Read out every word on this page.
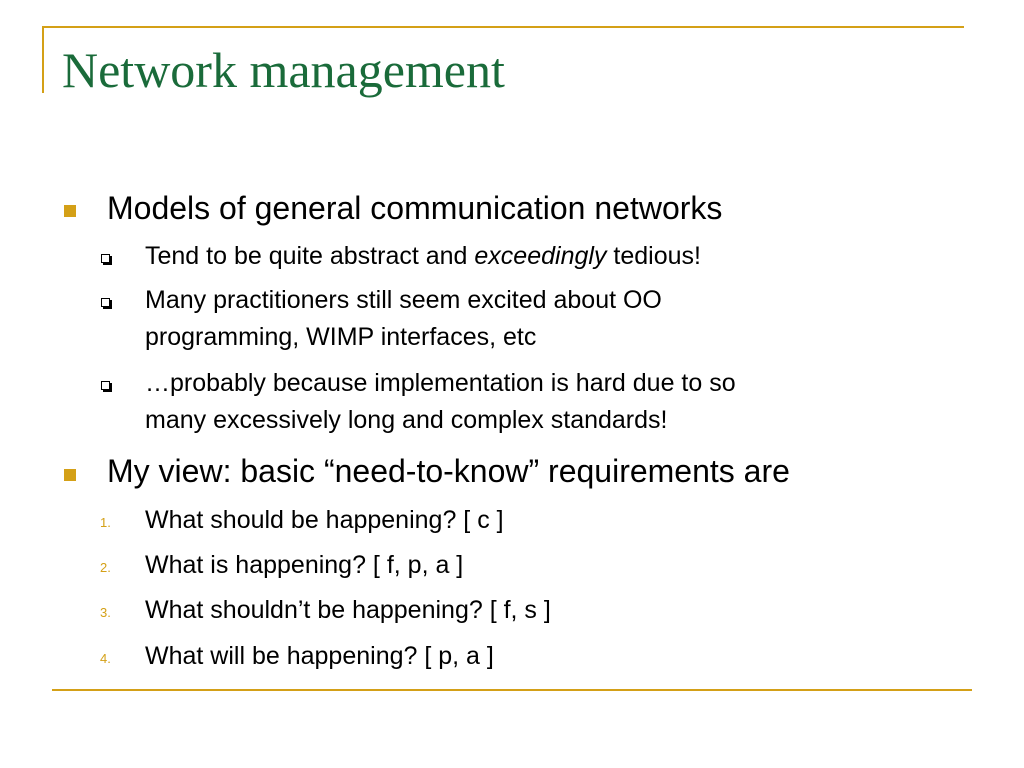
Network management
Models of general communication networks
Tend to be quite abstract and exceedingly tedious!
Many practitioners still seem excited about OO
programming, WIMP interfaces, etc
…probably because implementation is hard due to so
many excessively long and complex standards!
My view: basic “need-to-know” requirements are
1. What should be happening? [ c ]
2. What is happening? [ f, p, a ]
3. What shouldn’t be happening? [ f, s ]
4. What will be happening? [ p, a ]
